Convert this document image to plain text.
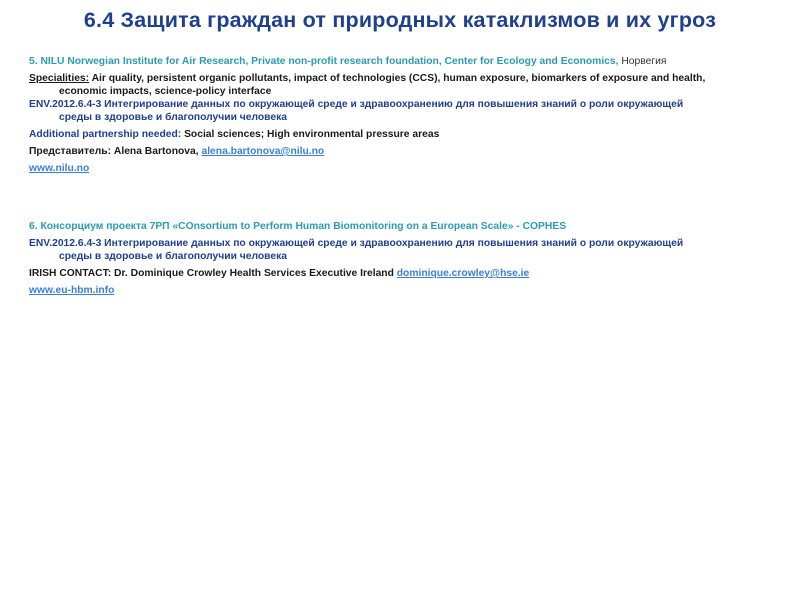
6.4 Защита граждан от природных катаклизмов и их угроз
5. NILU Norwegian Institute for Air Research, Private non-profit research foundation, Center for Ecology and Economics, Норвегия
Specialities: Air quality, persistent organic pollutants, impact of technologies (CCS), human exposure, biomarkers of exposure and health,
economic impacts, science-policy interface
ENV.2012.6.4-3 Интегрирование данных по окружающей среде и здравоохранению для повышения знаний о роли окружающей
среды в здоровье и благополучии человека
Additional partnership needed: Social sciences; High environmental pressure areas
Представитель: Alena Bartonova, alena.bartonova@nilu.no
www.nilu.no
6. Консорциум проекта 7РП «COnsortium to Perform Human Biomonitoring on a European Scale» - COPHES
ENV.2012.6.4-3 Интегрирование данных по окружающей среде и здравоохранению для повышения знаний о роли окружающей
среды в здоровье и благополучии человека
IRISH CONTACT: Dr. Dominique Crowley Health Services Executive Ireland dominique.crowley@hse.ie
www.eu-hbm.info
